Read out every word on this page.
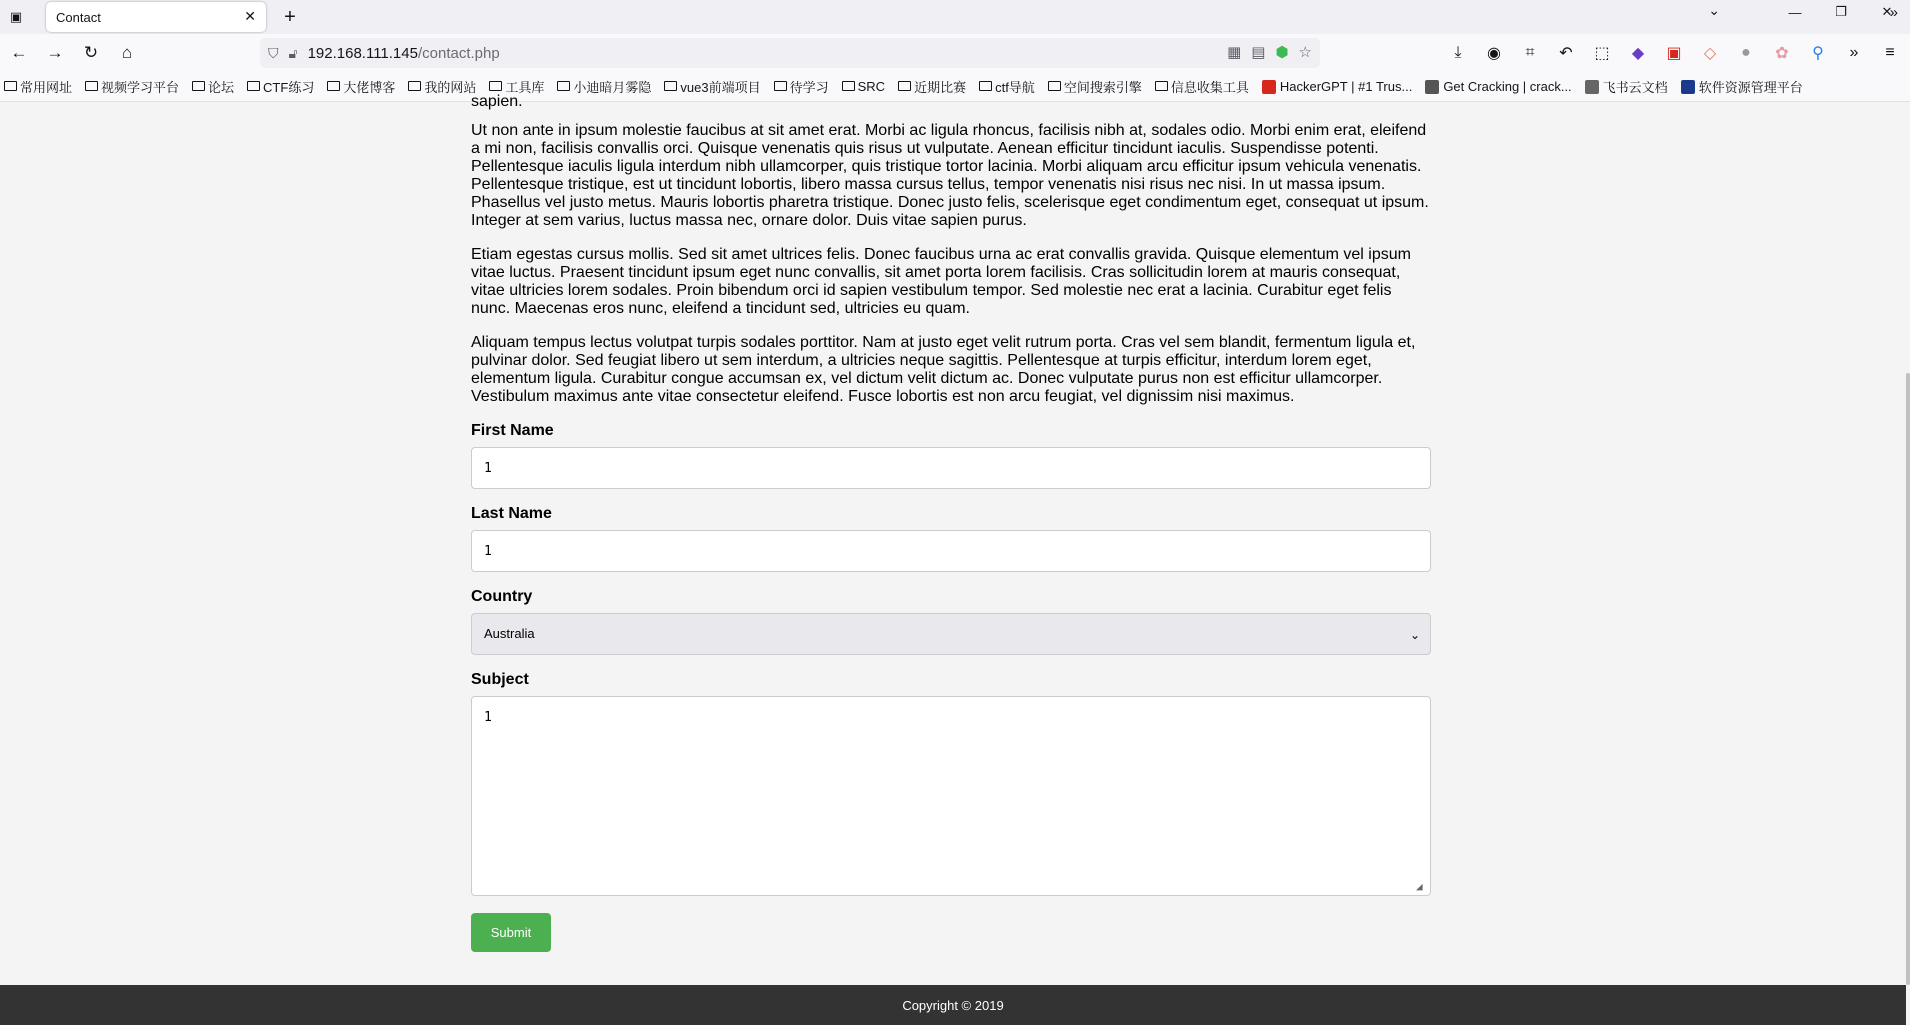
▣	Contact	✕	+	⌄	—	❐	✕
←	→	↻	⌂	⛉ 🔓︎ 192.168.111.145 /contact.php	▦ ▤ ⬢ ☆	⤓	◉	⌗	↶	⬚	◆	▣	◇	●	✿	⚲	»	≡
常用网址 视频学习平台 论坛 CTF练习 大佬博客 我的网站 工具库 小迪暗月雾隐 vue3前端项目 待学习 SRC 近期比赛 ctf导航 空间搜索引擎 信息收集工具 HackerGPT | #1 Trus... Get Cracking | crack... 飞书云文档 软件资源管理平台
»
sapien.

Ut non ante in ipsum molestie faucibus at sit amet erat. Morbi ac ligula rhoncus, facilisis nibh at, sodales odio. Morbi enim erat, eleifend a mi non, facilisis convallis orci. Quisque venenatis quis risus ut vulputate. Aenean efficitur tincidunt iaculis. Suspendisse potenti. Pellentesque iaculis ligula interdum nibh ullamcorper, quis tristique tortor lacinia. Morbi aliquam arcu efficitur ipsum vehicula venenatis. Pellentesque tristique, est ut tincidunt lobortis, libero massa cursus tellus, tempor venenatis nisi risus nec nisi. In ut massa ipsum. Phasellus vel justo metus. Mauris lobortis pharetra tristique. Donec justo felis, scelerisque eget condimentum eget, consequat ut ipsum. Integer at sem varius, luctus massa nec, ornare dolor. Duis vitae sapien purus.

Etiam egestas cursus mollis. Sed sit amet ultrices felis. Donec faucibus urna ac erat convallis gravida. Quisque elementum vel ipsum vitae luctus. Praesent tincidunt ipsum eget nunc convallis, sit amet porta lorem facilisis. Cras sollicitudin lorem at mauris consequat, vitae ultricies lorem sodales. Proin bibendum orci id sapien vestibulum tempor. Sed molestie nec erat a lacinia. Curabitur eget felis nunc. Maecenas eros nunc, eleifend a tincidunt sed, ultricies eu quam.

Aliquam tempus lectus volutpat turpis sodales porttitor. Nam at justo eget velit rutrum porta. Cras vel sem blandit, fermentum ligula et, pulvinar dolor. Sed feugiat libero ut sem interdum, a ultricies neque sagittis. Pellentesque at turpis efficitur, interdum lorem eget, elementum ligula. Curabitur congue accumsan ex, vel dictum velit dictum ac. Donec vulputate purus non est efficitur ullamcorper. Vestibulum maximus ante vitae consectetur eleifend. Fusce lobortis est non arcu feugiat, vel dignissim nisi maximus.

First Name
1
Last Name
1
Country
Australia	⌄
Subject
1
◢
Submit
Copyright © 2019
